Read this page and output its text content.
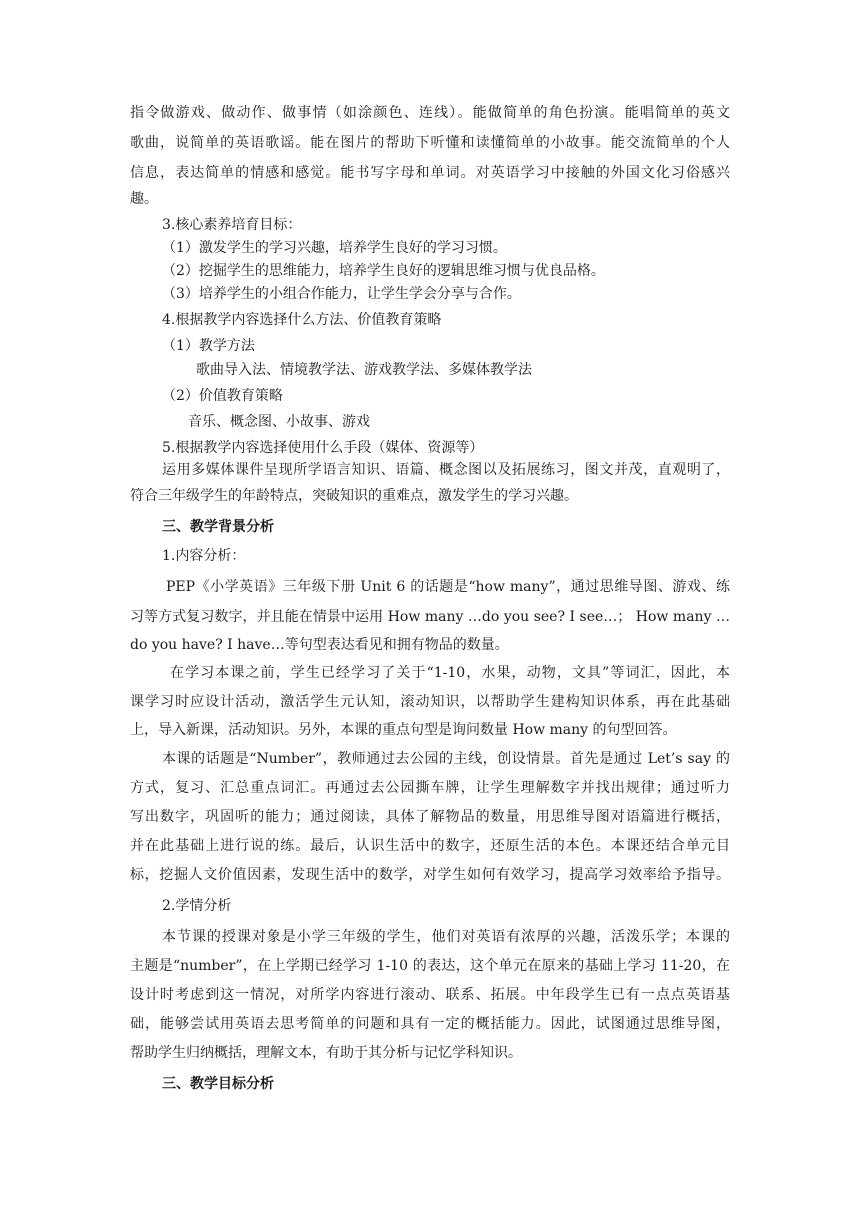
指令做游戏、做动作、做事情（如涂颜色、连线）。能做简单的角色扮演。能唱简单的英文
歌曲，说简单的英语歌谣。能在图片的帮助下听懂和读懂简单的小故事。能交流简单的个人
信息，表达简单的情感和感觉。能书写字母和单词。对英语学习中接触的外国文化习俗感兴
趣。
3.核心素养培育目标：
（1）激发学生的学习兴趣，培养学生良好的学习习惯。
（2）挖掘学生的思维能力，培养学生良好的逻辑思维习惯与优良品格。
（3）培养学生的小组合作能力，让学生学会分享与合作。
4.根据教学内容选择什么方法、价值教育策略
（1）教学方法
歌曲导入法、情境教学法、游戏教学法、多媒体教学法
（2）价值教育策略
音乐、概念图、小故事、游戏
5.根据教学内容选择使用什么手段（媒体、资源等）
运用多媒体课件呈现所学语言知识、语篇、概念图以及拓展练习，图文并茂，直观明了，
符合三年级学生的年龄特点，突破知识的重难点，激发学生的学习兴趣。
三、教学背景分析
1.内容分析：
PEP《小学英语》三年级下册 Unit 6 的话题是“how many”，通过思维导图、游戏、练
习等方式复习数字，并且能在情景中运用 How many …do you see? I see…； How many …
do you have? I have…等句型表达看见和拥有物品的数量。
在学习本课之前，学生已经学习了关于“1-10，水果，动物，文具”等词汇，因此，本
课学习时应设计活动，激活学生元认知，滚动知识，以帮助学生建构知识体系，再在此基础
上，导入新课，活动知识。另外，本课的重点句型是询问数量 How many 的句型回答。
本课的话题是“Number”，教师通过去公园的主线，创设情景。首先是通过 Let’s say 的
方式，复习、汇总重点词汇。再通过去公园撕车牌，让学生理解数字并找出规律；通过听力
写出数字，巩固听的能力；通过阅读，具体了解物品的数量，用思维导图对语篇进行概括，
并在此基础上进行说的练。最后，认识生活中的数字，还原生活的本色。本课还结合单元目
标，挖掘人文价值因素，发现生活中的数学，对学生如何有效学习，提高学习效率给予指导。
2.学情分析
本节课的授课对象是小学三年级的学生，他们对英语有浓厚的兴趣，活泼乐学；本课的
主题是“number”，在上学期已经学习 1-10 的表达，这个单元在原来的基础上学习 11-20，在
设计时考虑到这一情况，对所学内容进行滚动、联系、拓展。中年段学生已有一点点英语基
础，能够尝试用英语去思考简单的问题和具有一定的概括能力。因此，试图通过思维导图，
帮助学生归纳概括，理解文本，有助于其分析与记忆学科知识。
三、教学目标分析
